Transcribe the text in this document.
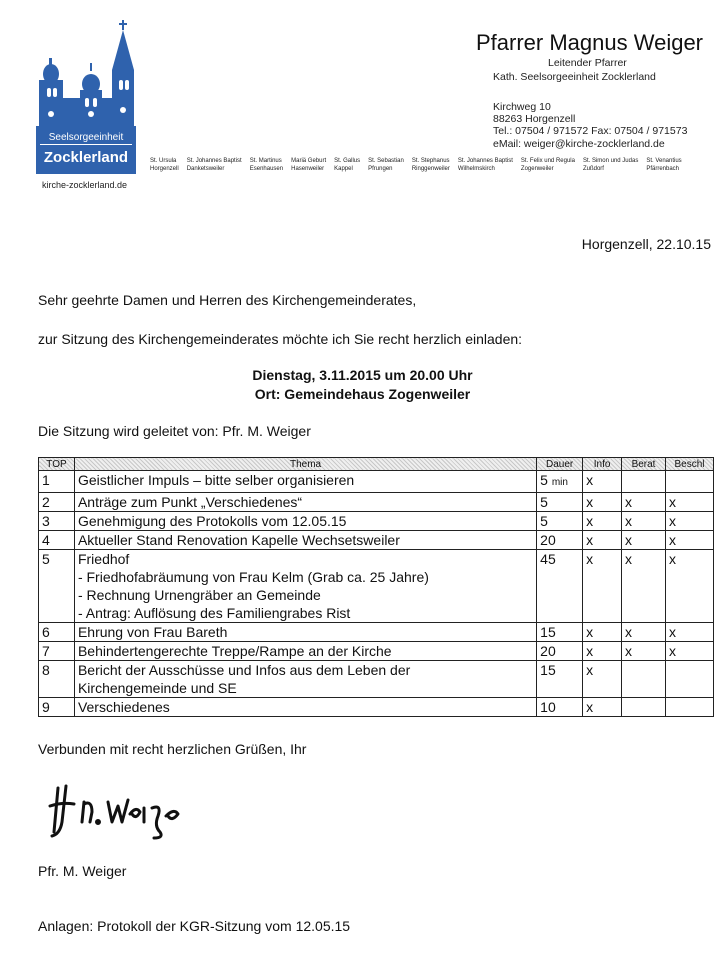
Seelsorgeeinheit
Zocklerland
kirche-zocklerland.de
St. Ursula
Horgenzell
St. Johannes Baptist
Danketsweiler
St. Martinus
Esenhausen
Mariä Geburt
Hasenweiler
St. Gallus
Kappel
St. Sebastian
Pfrungen
St. Stephanus
Ringgenweiler
St. Johannes Baptist
Wilhelmskirch
St. Felix und Regula
Zogenweiler
St. Simon und Judas
Zußdorf
St. Venantius
Pfärrenbach
Pfarrer Magnus Weiger
Leitender Pfarrer
Kath. Seelsorgeeinheit Zocklerland
Kirchweg 10
88263 Horgenzell
Tel.: 07504 / 971572 Fax: 07504 / 971573
eMail: weiger@kirche-zocklerland.de
Horgenzell, 22.10.15
Sehr geehrte Damen und Herren des Kirchengemeinderates,
zur Sitzung des Kirchengemeinderates möchte ich Sie recht herzlich einladen:
Dienstag, 3.11.2015 um 20.00 Uhr
Ort: Gemeindehaus Zogenweiler
Die Sitzung wird geleitet von: Pfr. M. Weiger
TOP	Thema	Dauer	Info	Berat	Beschl
1	Geistlicher Impuls – bitte selber organisieren	5 min	x		
2	Anträge zum Punkt „Verschiedenes“	5	x	x	x
3	Genehmigung des Protokolls vom 12.05.15	5	x	x	x
4	Aktueller Stand Renovation Kapelle Wechsetsweiler	20	x	x	x
5	Friedhof
- Friedhofabräumung von Frau Kelm (Grab ca. 25 Jahre)
- Rechnung Urnengräber an Gemeinde
- Antrag: Auflösung des Familiengrabes Rist	45	x	x	x
6	Ehrung von Frau Bareth	15	x	x	x
7	Behindertengerechte Treppe/Rampe an der Kirche	20	x	x	x
8	Bericht der Ausschüsse und Infos aus dem Leben der
Kirchengemeinde und SE	15	x		
9	Verschiedenes	10	x		
Verbunden mit recht herzlichen Grüßen, Ihr
Pfr. M. Weiger
Anlagen: Protokoll der KGR-Sitzung vom 12.05.15
